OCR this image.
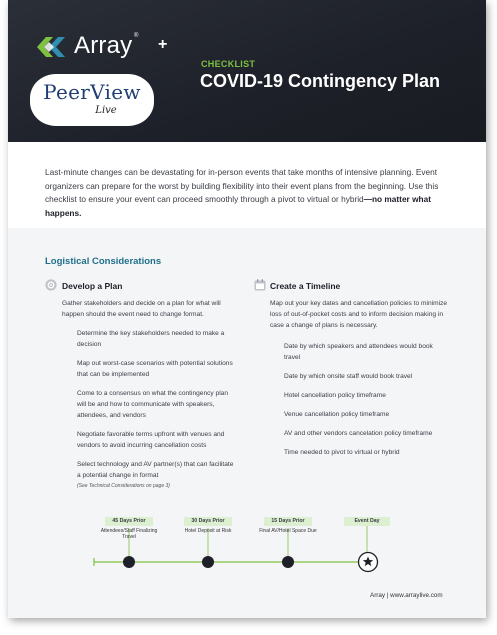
Array ® +
PeerView
Live
CHECKLIST
COVID-19 Contingency Plan

Last-minute changes can be devastating for in-person events that take months of intensive planning. Event organizers can prepare for the worst by building flexibility into their event plans from the beginning. Use this checklist to ensure your event can proceed smoothly through a pivot to virtual or hybrid—no matter what happens.

Logistical Considerations
Develop a Plan

Gather stakeholders and decide on a plan for what will happen should the event need to change format.

Determine the key stakeholders needed to make a decision

Map out worst-case scenarios with potential solutions that can be implemented

Come to a consensus on what the contingency plan will be and how to communicate with speakers, attendees, and vendors

Negotiate favorable terms upfront with venues and vendors to avoid incurring cancellation costs

Select technology and AV partner(s) that can facilitate a potential change in format

(See Technical Considerations on page 3)

Create a Timeline

Map out your key dates and cancellation policies to minimize loss of out-of-pocket costs and to inform decision making in case a change of plans is necessary.

Date by which speakers and attendees would book travel

Date by which onsite staff would book travel

Hotel cancellation policy timeframe

Venue cancellation policy timeframe

AV and other vendors cancelation policy timeframe

Time needed to pivot to virtual or hybrid

45 Days Prior
Attendees/Staff Finalizing Travel
30 Days Prior
Hotel Deposit at Risk
15 Days Prior
Final AV/Hotel Space Due
Event Day
Array | www.arraylive.com
